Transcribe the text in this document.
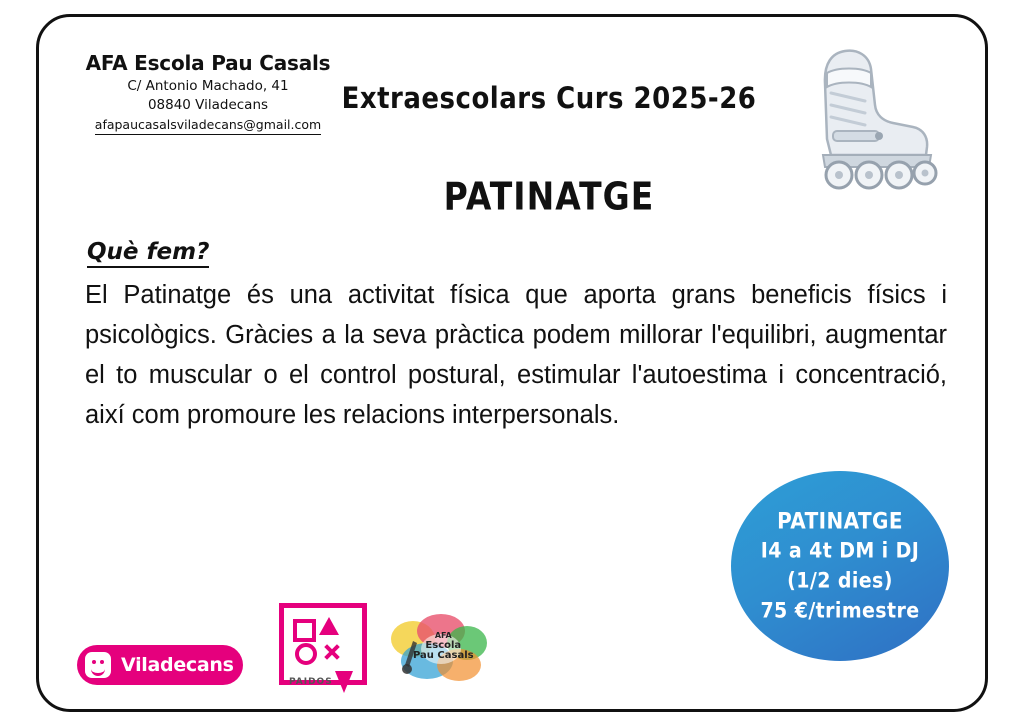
AFA Escola Pau Casals
C/ Antonio Machado, 41
08840 Viladecans
afapaucasalsviladecans@gmail.com
Extraescolars Curs 2025-26
PATINATGE
Què fem?
El Patinatge és una activitat física que aporta grans beneficis físics i psicològics. Gràcies a la seva pràctica podem millorar l'equilibri, augmentar el to muscular o el control postural, estimular l'autoestima i concentració, així com promoure les relacions interpersonals.
PATINATGE
I4 a 4t DM i DJ
(1/2 dies)
75 €/trimestre
Viladecans
PAIDOS
AFA
Escola
Pau Casals
